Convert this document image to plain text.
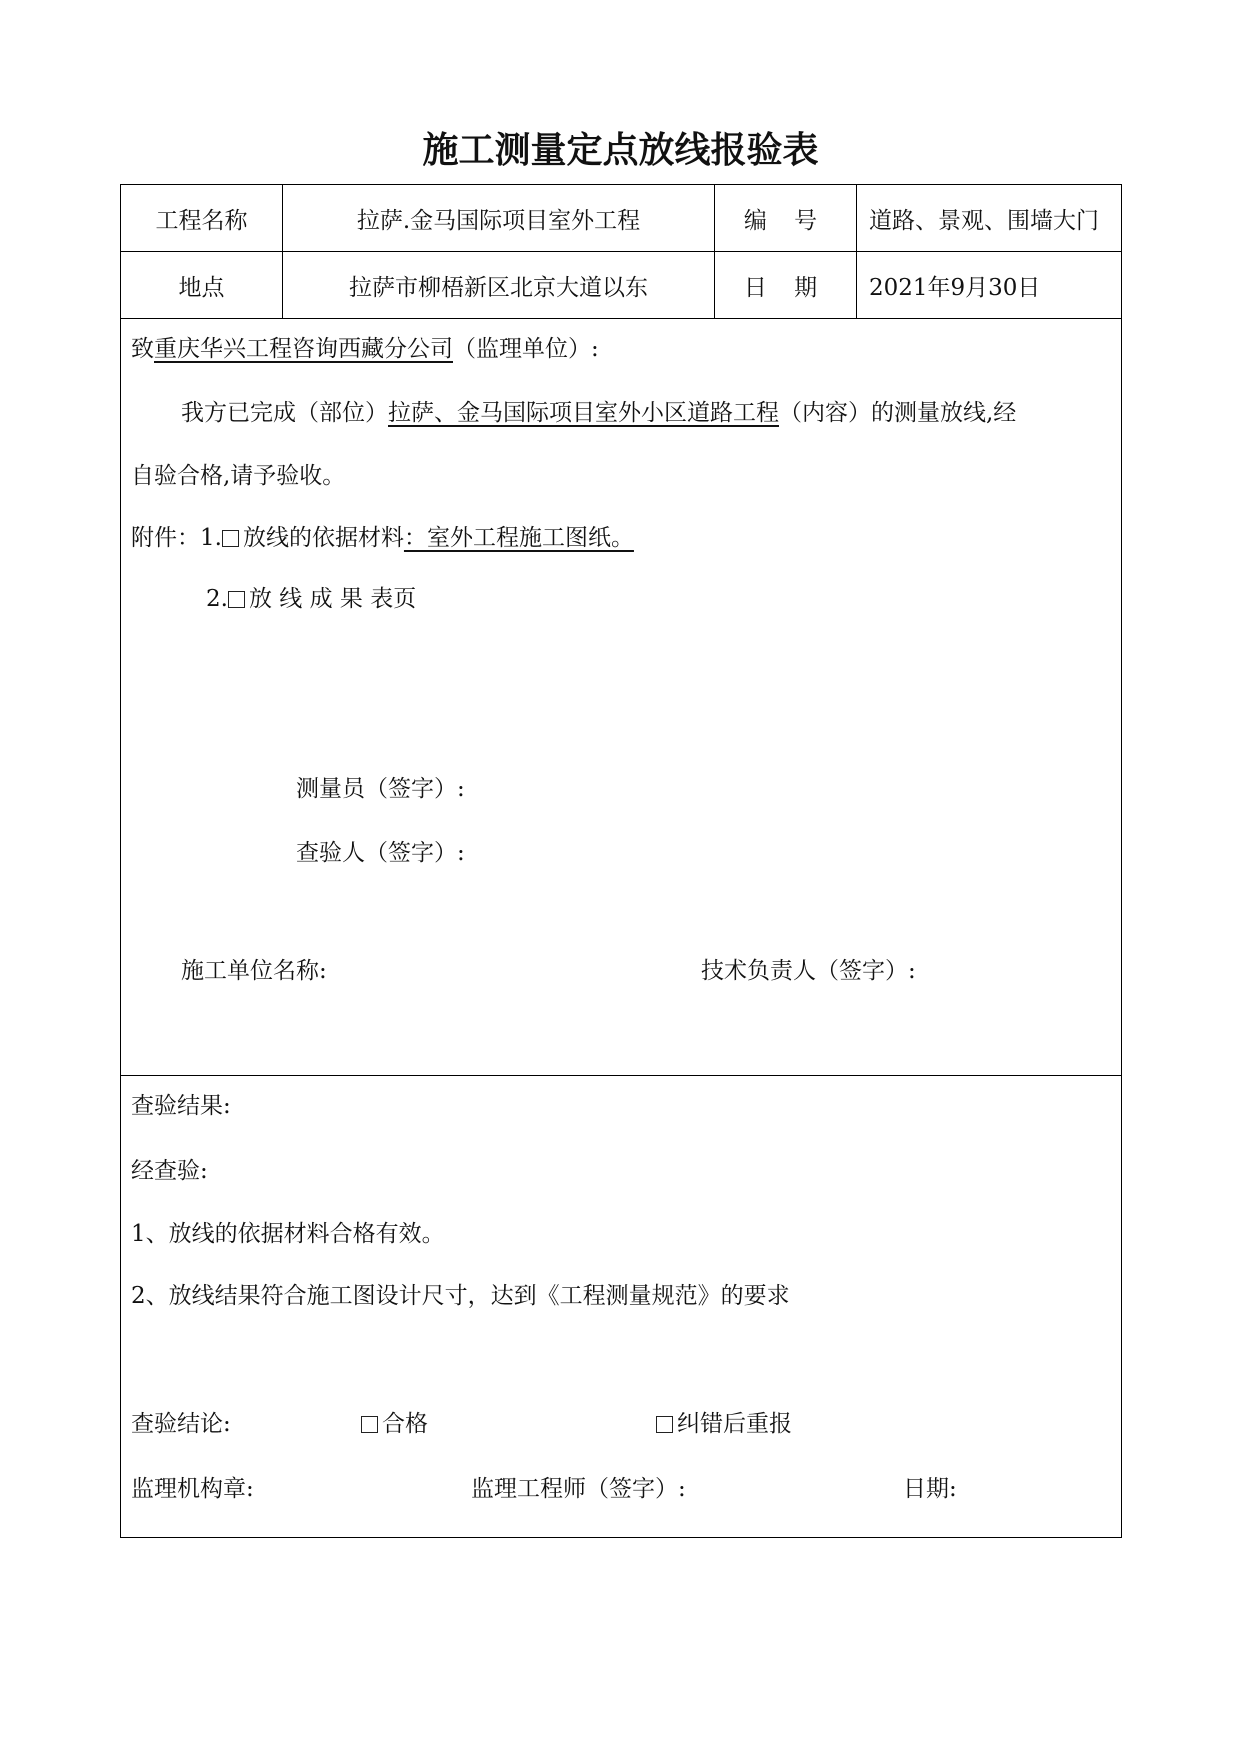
施工测量定点放线报验表
工程名称	拉萨.金马国际项目室外工程	编 号	道路、景观、围墙大门
地点	拉萨市柳梧新区北京大道以东	日 期	2021年9月30日
致重庆华兴工程咨询西藏分公司（监理单位）:
我方已完成（部位）拉萨、金马国际项目室外小区道路工程（内容）的测量放线,经
自验合格,请予验收。
附件：1. 放线的依据材料：室外工程施工图纸。
2. 放 线 成 果 表页
测量员（签字）:
查验人（签字）:
施工单位名称:	技术负责人（签字）:
查验结果:
经查验:
1、放线的依据材料合格有效。
2、放线结果符合施工图设计尺寸，达到《工程测量规范》的要求
查验结论:	合格	纠错后重报
监理机构章:	监理工程师（签字）:	日期:
